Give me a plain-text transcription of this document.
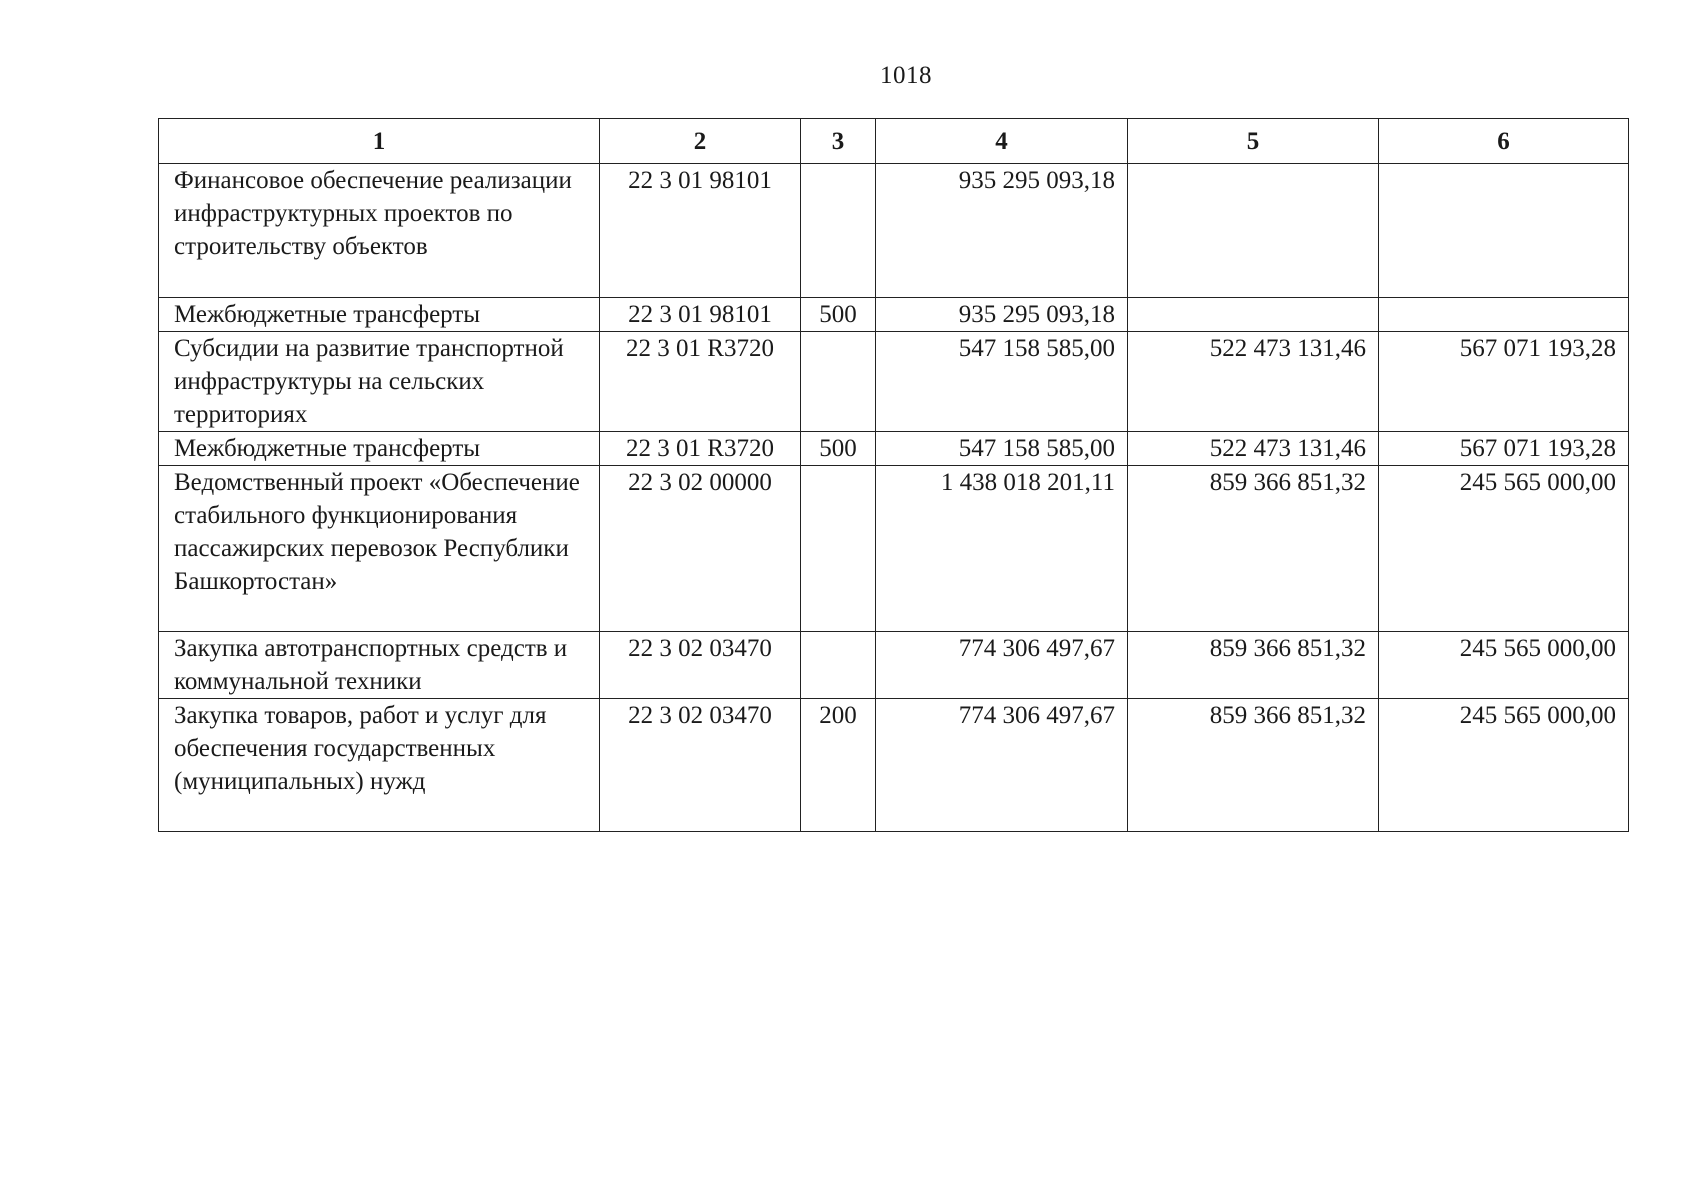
1018
1	2	3	4	5	6
Финансовое обеспечение реализации инфраструктурных проектов по строительству объектов	22 3 01 98101		935 295 093,18		
Межбюджетные трансферты	22 3 01 98101	500	935 295 093,18		
Субсидии на развитие транспортной инфраструктуры на сельских территориях	22 3 01 R3720		547 158 585,00	522 473 131,46	567 071 193,28
Межбюджетные трансферты	22 3 01 R3720	500	547 158 585,00	522 473 131,46	567 071 193,28
Ведомственный проект «Обеспечение стабильного функционирования пассажирских перевозок Республики Башкортостан»	22 3 02 00000		1 438 018 201,11	859 366 851,32	245 565 000,00
Закупка автотранспортных средств и коммунальной техники	22 3 02 03470		774 306 497,67	859 366 851,32	245 565 000,00
Закупка товаров, работ и услуг для обеспечения государственных (муниципальных) нужд	22 3 02 03470	200	774 306 497,67	859 366 851,32	245 565 000,00
